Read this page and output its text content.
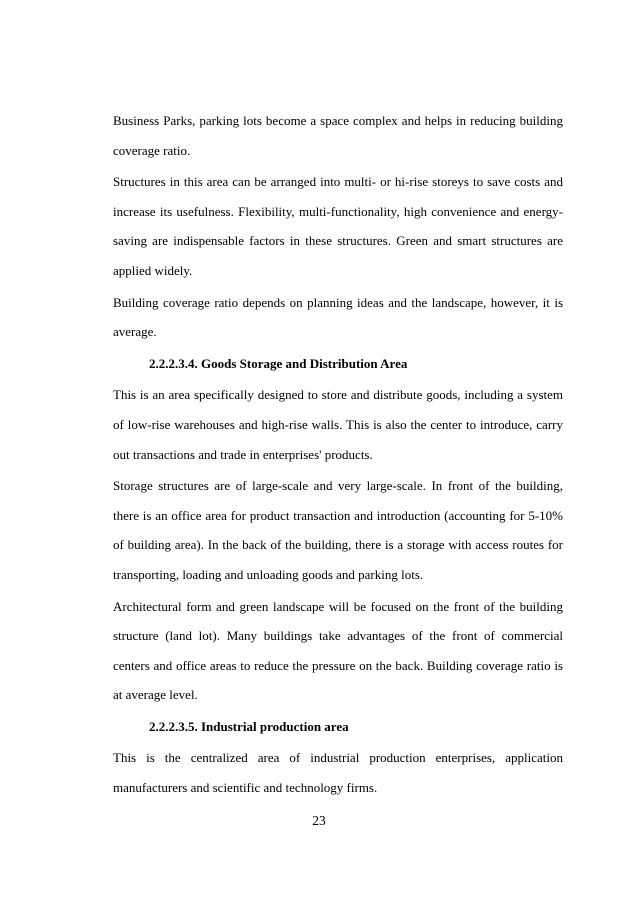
Business Parks, parking lots become a space complex and helps in reducing building coverage ratio.

Structures in this area can be arranged into multi- or hi-rise storeys to save costs and increase its usefulness. Flexibility, multi-functionality, high convenience and energy-saving are indispensable factors in these structures. Green and smart structures are applied widely.

Building coverage ratio depends on planning ideas and the landscape, however, it is average.

2.2.2.3.4. Goods Storage and Distribution Area

This is an area specifically designed to store and distribute goods, including a system of low-rise warehouses and high-rise walls. This is also the center to introduce, carry out transactions and trade in enterprises' products.

Storage structures are of large-scale and very large-scale. In front of the building, there is an office area for product transaction and introduction (accounting for 5-10% of building area). In the back of the building, there is a storage with access routes for transporting, loading and unloading goods and parking lots.

Architectural form and green landscape will be focused on the front of the building structure (land lot). Many buildings take advantages of the front of commercial centers and office areas to reduce the pressure on the back. Building coverage ratio is at average level.

2.2.2.3.5. Industrial production area

This is the centralized area of industrial production enterprises, application manufacturers and scientific and technology firms.

23
